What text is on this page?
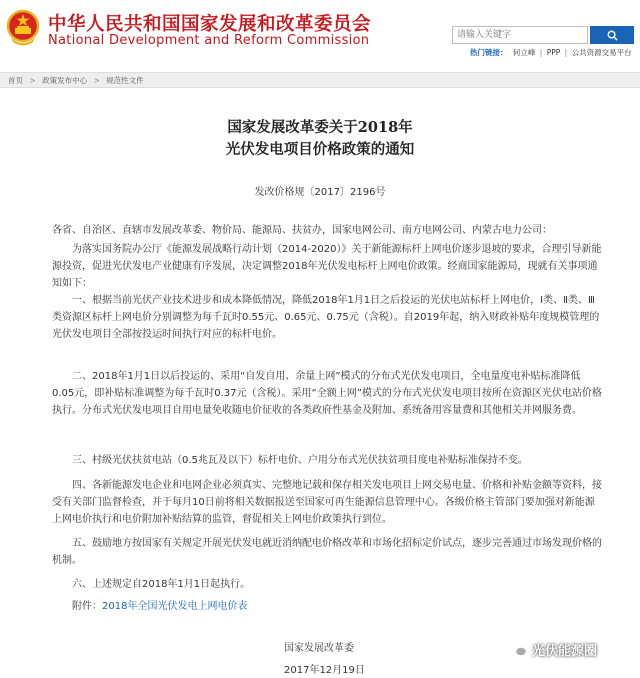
中华人民共和国国家发展和改革委员会
National Development and Reform Commission
请输入关键字
热门链接： 何立峰 | PPP | 公共资源交易平台
首页 > 政策发布中心 > 规范性文件
国家发展改革委关于2018年
光伏发电项目价格政策的通知
发改价格规〔2017〕2196号

各省、自治区、直辖市发展改革委、物价局、能源局、扶贫办，国家电网公司、南方电网公司、内蒙古电力公司：

为落实国务院办公厅《能源发展战略行动计划（2014-2020）》关于新能源标杆上网电价逐步退坡的要求，合理引导新能源投资，促进光伏发电产业健康有序发展，决定调整2018年光伏发电标杆上网电价政策。经商国家能源局，现就有关事项通知如下：

一、根据当前光伏产业技术进步和成本降低情况，降低2018年1月1日之后投运的光伏电站标杆上网电价，Ⅰ类、Ⅱ类、Ⅲ类资源区标杆上网电价分别调整为每千瓦时0.55元、0.65元、0.75元（含税）。自2019年起，纳入财政补贴年度规模管理的光伏发电项目全部按投运时间执行对应的标杆电价。

二、2018年1月1日以后投运的、采用“自发自用、余量上网”模式的分布式光伏发电项目，全电量度电补贴标准降低0.05元，即补贴标准调整为每千瓦时0.37元（含税）。采用“全额上网”模式的分布式光伏发电项目按所在资源区光伏电站价格执行。分布式光伏发电项目自用电量免收随电价征收的各类政府性基金及附加、系统备用容量费和其他相关并网服务费。

三、村级光伏扶贫电站（0.5兆瓦及以下）标杆电价、户用分布式光伏扶贫项目度电补贴标准保持不变。

四、各新能源发电企业和电网企业必须真实、完整地记载和保存相关发电项目上网交易电量、价格和补贴金额等资料，接受有关部门监督检查，并于每月10日前将相关数据报送至国家可再生能源信息管理中心。各级价格主管部门要加强对新能源上网电价执行和电价附加补贴结算的监管，督促相关上网电价政策执行到位。

五、鼓励地方按国家有关规定开展光伏发电就近消纳配电价格改革和市场化招标定价试点，逐步完善通过市场发现价格的机制。

六、上述规定自2018年1月1日起执行。

附件：2018年全国光伏发电上网电价表

国家发展改革委
2017年12月19日
光伏能源圈
